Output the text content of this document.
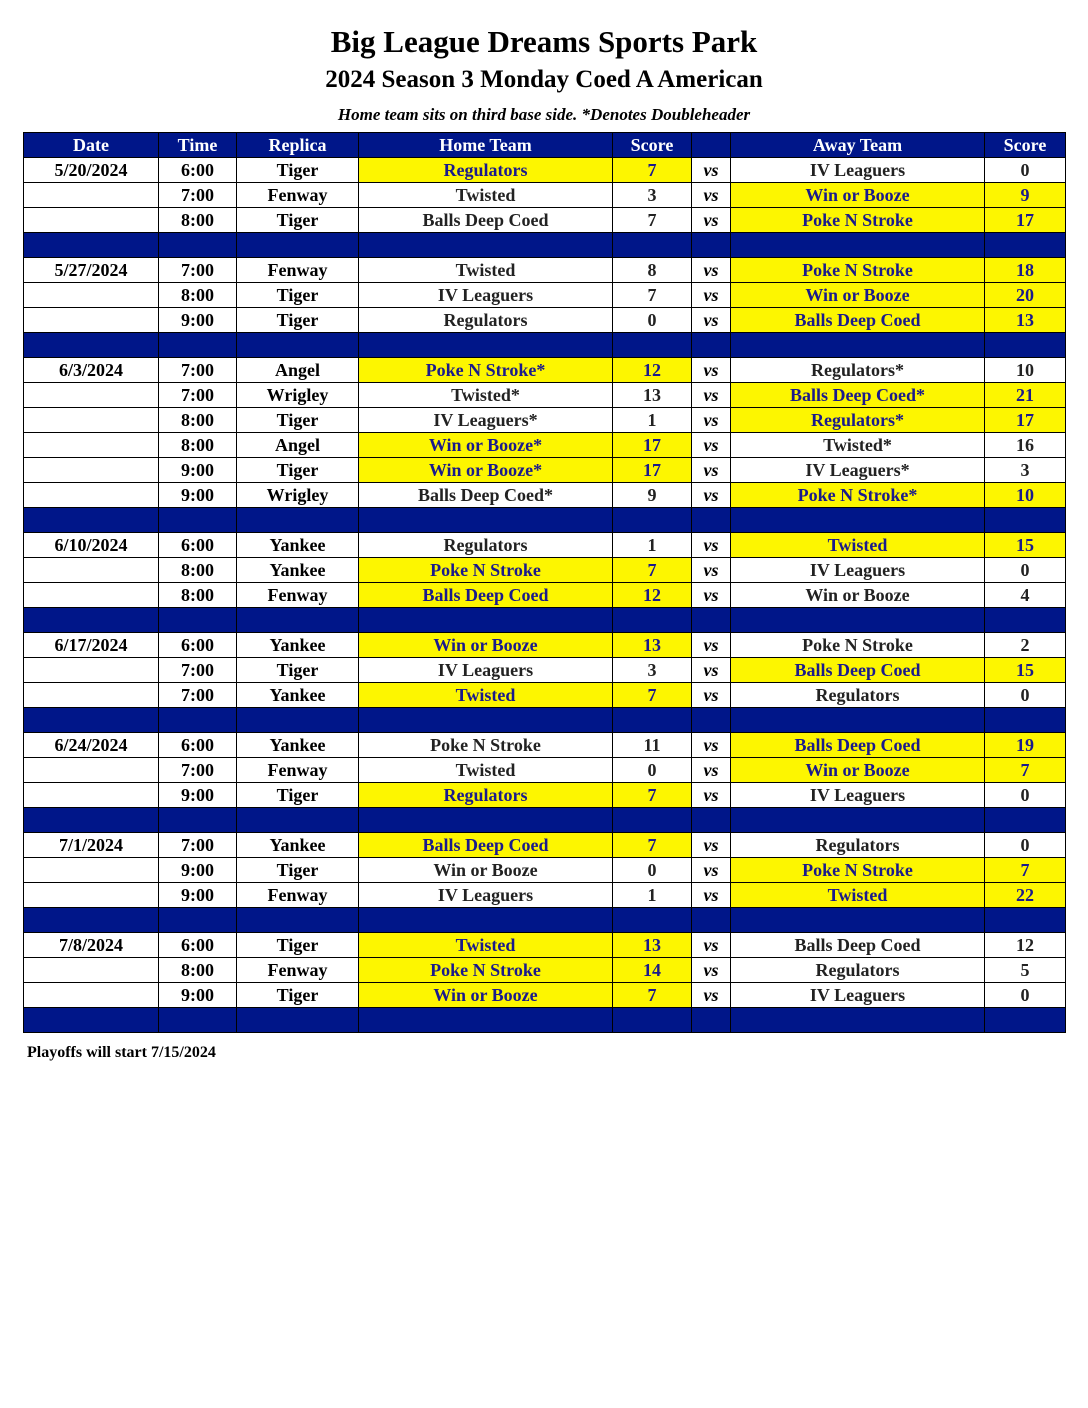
Big League Dreams Sports Park
2024 Season 3 Monday Coed A American
Home team sits on third base side. *Denotes Doubleheader
Date	Time	Replica	Home Team	Score		Away Team	Score
5/20/2024	6:00	Tiger	Regulators	7	vs	IV Leaguers	0
	7:00	Fenway	Twisted	3	vs	Win or Booze	9
	8:00	Tiger	Balls Deep Coed	7	vs	Poke N Stroke	17

5/27/2024	7:00	Fenway	Twisted	8	vs	Poke N Stroke	18
	8:00	Tiger	IV Leaguers	7	vs	Win or Booze	20
	9:00	Tiger	Regulators	0	vs	Balls Deep Coed	13

6/3/2024	7:00	Angel	Poke N Stroke*	12	vs	Regulators*	10
	7:00	Wrigley	Twisted*	13	vs	Balls Deep Coed*	21
	8:00	Tiger	IV Leaguers*	1	vs	Regulators*	17
	8:00	Angel	Win or Booze*	17	vs	Twisted*	16
	9:00	Tiger	Win or Booze*	17	vs	IV Leaguers*	3
	9:00	Wrigley	Balls Deep Coed*	9	vs	Poke N Stroke*	10

6/10/2024	6:00	Yankee	Regulators	1	vs	Twisted	15
	8:00	Yankee	Poke N Stroke	7	vs	IV Leaguers	0
	8:00	Fenway	Balls Deep Coed	12	vs	Win or Booze	4

6/17/2024	6:00	Yankee	Win or Booze	13	vs	Poke N Stroke	2
	7:00	Tiger	IV Leaguers	3	vs	Balls Deep Coed	15
	7:00	Yankee	Twisted	7	vs	Regulators	0

6/24/2024	6:00	Yankee	Poke N Stroke	11	vs	Balls Deep Coed	19
	7:00	Fenway	Twisted	0	vs	Win or Booze	7
	9:00	Tiger	Regulators	7	vs	IV Leaguers	0

7/1/2024	7:00	Yankee	Balls Deep Coed	7	vs	Regulators	0
	9:00	Tiger	Win or Booze	0	vs	Poke N Stroke	7
	9:00	Fenway	IV Leaguers	1	vs	Twisted	22

7/8/2024	6:00	Tiger	Twisted	13	vs	Balls Deep Coed	12
	8:00	Fenway	Poke N Stroke	14	vs	Regulators	5
	9:00	Tiger	Win or Booze	7	vs	IV Leaguers	0

Playoffs will start 7/15/2024
